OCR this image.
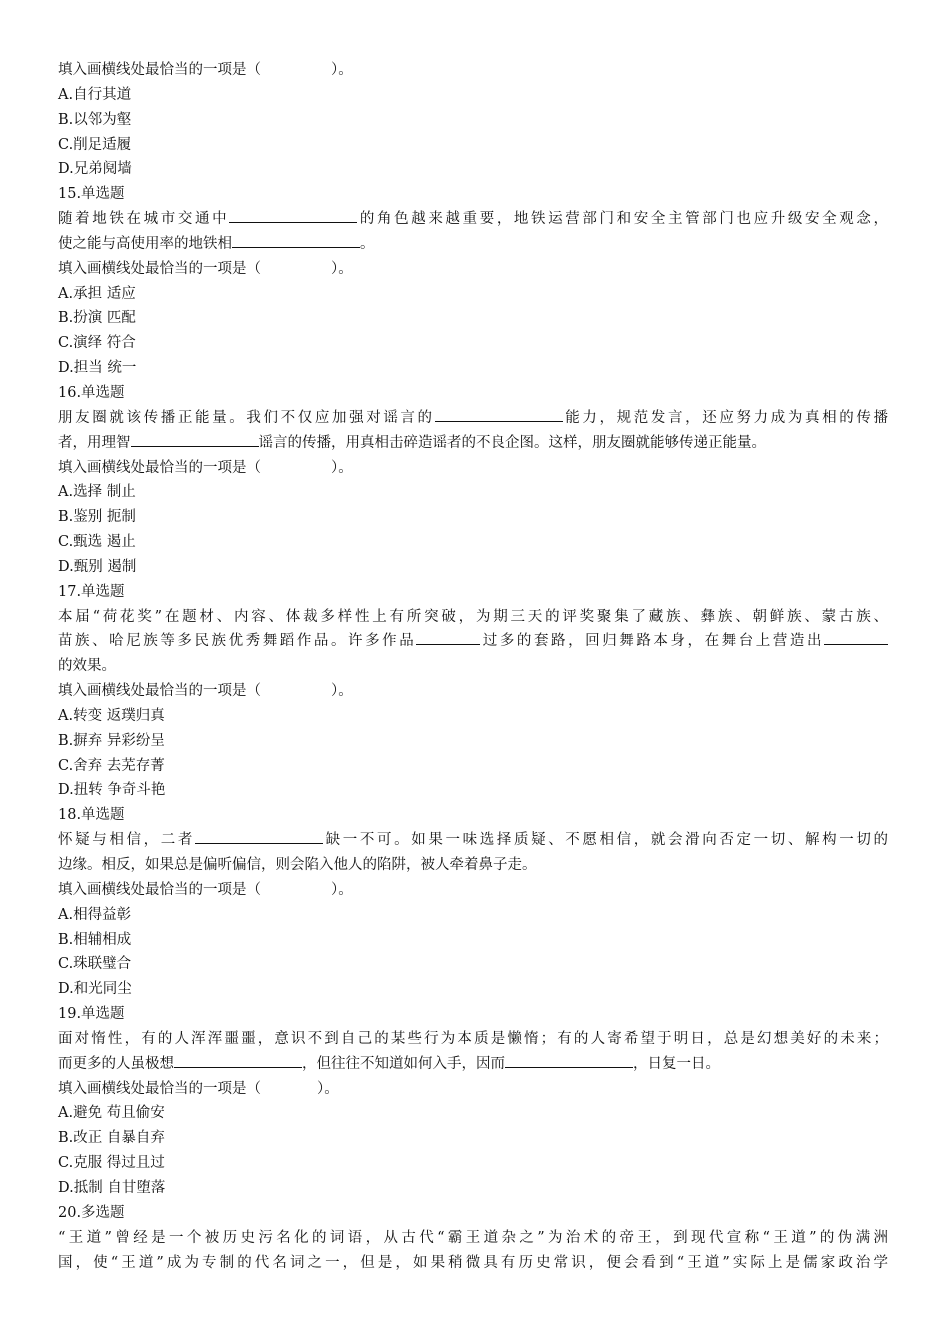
填入画横线处最恰当的一项是（	）。
A.自行其道
B.以邻为壑
C.削足适履
D.兄弟阋墙
15.单选题
随着地铁在城市交通中	的角色越来越重要，地铁运营部门和安全主管部门也应升级安全观念，
使之能与高使用率的地铁相	。
填入画横线处最恰当的一项是（	）。
A.承担 适应
B.扮演 匹配
C.演绎 符合
D.担当 统一
16.单选题
朋友圈就该传播正能量。我们不仅应加强对谣言的	能力，规范发言，还应努力成为真相的传播
者，用理智	谣言的传播，用真相击碎造谣者的不良企图。这样，朋友圈就能够传递正能量。
填入画横线处最恰当的一项是（	）。
A.选择 制止
B.鉴别 扼制
C.甄选 遏止
D.甄别 遏制
17.单选题
本届“荷花奖”在题材、内容、体裁多样性上有所突破，为期三天的评奖聚集了藏族、彝族、朝鲜族、蒙古族、
苗族、哈尼族等多民族优秀舞蹈作品。许多作品	过多的套路，回归舞路本身，在舞台上营造出
的效果。
填入画横线处最恰当的一项是（	）。
A.转变 返璞归真
B.摒弃 异彩纷呈
C.舍弃 去芜存菁
D.扭转 争奇斗艳
18.单选题
怀疑与相信，二者	缺一不可。如果一味选择质疑、不愿相信，就会滑向否定一切、解构一切的
边缘。相反，如果总是偏听偏信，则会陷入他人的陷阱，被人牵着鼻子走。
填入画横线处最恰当的一项是（	）。
A.相得益彰
B.相辅相成
C.珠联璧合
D.和光同尘
19.单选题
面对惰性，有的人浑浑噩噩，意识不到自己的某些行为本质是懒惰；有的人寄希望于明日，总是幻想美好的未来；
而更多的人虽极想	，但往往不知道如何入手，因而	，日复一日。
填入画横线处最恰当的一项是（	）。
A.避免 苟且偷安
B.改正 自暴自弃
C.克服 得过且过
D.抵制 自甘堕落
20.多选题
“王道”曾经是一个被历史污名化的词语，从古代“霸王道杂之”为治术的帝王，到现代宣称“王道”的伪满洲
国，使“王道”成为专制的代名词之一，但是，如果稍微具有历史常识，便会看到“王道”实际上是儒家政治学
